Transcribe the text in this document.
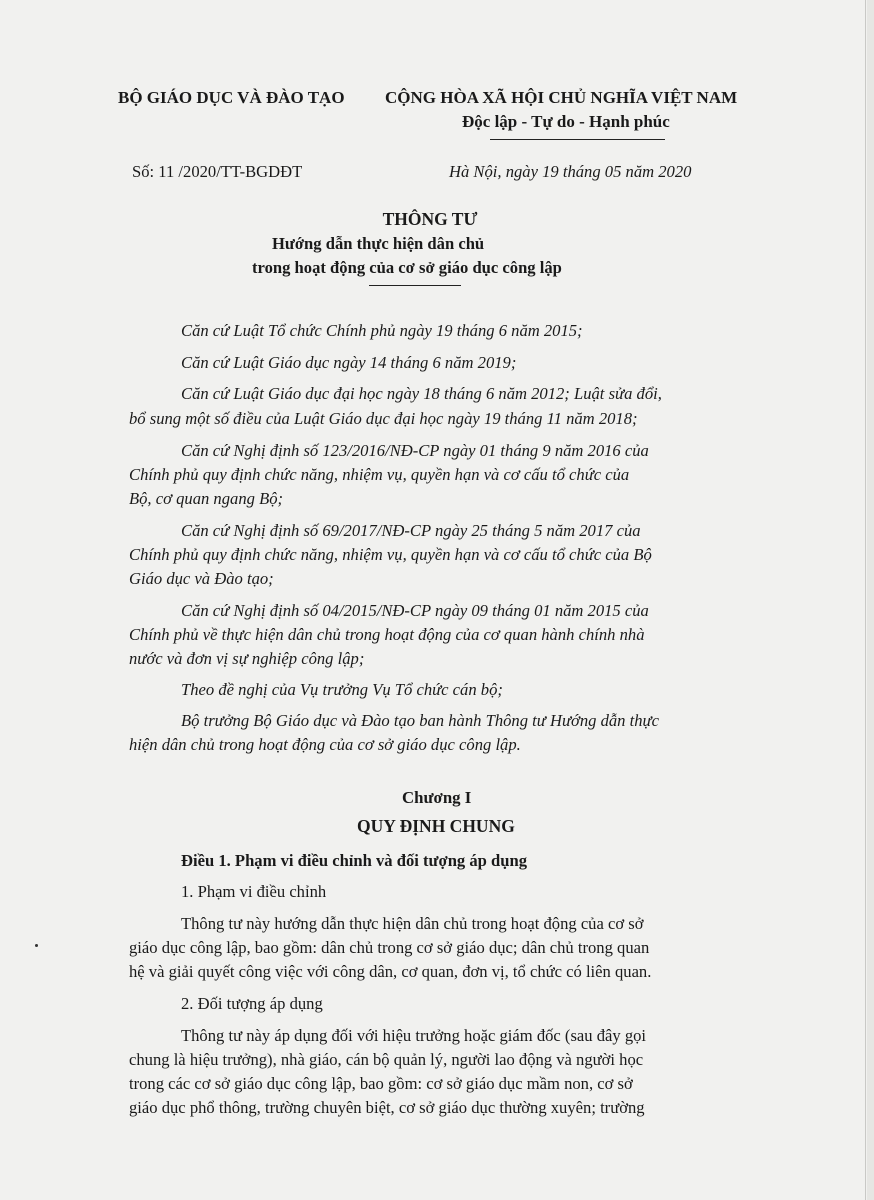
BỘ GIÁO DỤC VÀ ĐÀO TẠO CỘNG HÒA XÃ HỘI CHỦ NGHĨA VIỆT NAM
Độc lập - Tự do - Hạnh phúc
Số: 11 /2020/TT-BGDĐT	Hà Nội, ngày 19 tháng 05 năm 2020
THÔNG TƯ
Hướng dẫn thực hiện dân chủ
trong hoạt động của cơ sở giáo dục công lập
Căn cứ Luật Tổ chức Chính phủ ngày 19 tháng 6 năm 2015;
Căn cứ Luật Giáo dục ngày 14 tháng 6 năm 2019;
Căn cứ Luật Giáo dục đại học ngày 18 tháng 6 năm 2012; Luật sửa đổi,
bổ sung một số điều của Luật Giáo dục đại học ngày 19 tháng 11 năm 2018;
Căn cứ Nghị định số 123/2016/NĐ-CP ngày 01 tháng 9 năm 2016 của
Chính phủ quy định chức năng, nhiệm vụ, quyền hạn và cơ cấu tổ chức của
Bộ, cơ quan ngang Bộ;
Căn cứ Nghị định số 69/2017/NĐ-CP ngày 25 tháng 5 năm 2017 của
Chính phủ quy định chức năng, nhiệm vụ, quyền hạn và cơ cấu tổ chức của Bộ
Giáo dục và Đào tạo;
Căn cứ Nghị định số 04/2015/NĐ-CP ngày 09 tháng 01 năm 2015 của
Chính phủ về thực hiện dân chủ trong hoạt động của cơ quan hành chính nhà
nước và đơn vị sự nghiệp công lập;
Theo đề nghị của Vụ trưởng Vụ Tổ chức cán bộ;
Bộ trưởng Bộ Giáo dục và Đào tạo ban hành Thông tư Hướng dẫn thực
hiện dân chủ trong hoạt động của cơ sở giáo dục công lập.
Chương I
QUY ĐỊNH CHUNG
Điều 1. Phạm vi điều chỉnh và đối tượng áp dụng
1. Phạm vi điều chỉnh
Thông tư này hướng dẫn thực hiện dân chủ trong hoạt động của cơ sở
giáo dục công lập, bao gồm: dân chủ trong cơ sở giáo dục; dân chủ trong quan
hệ và giải quyết công việc với công dân, cơ quan, đơn vị, tổ chức có liên quan.
2. Đối tượng áp dụng
Thông tư này áp dụng đối với hiệu trưởng hoặc giám đốc (sau đây gọi
chung là hiệu trưởng), nhà giáo, cán bộ quản lý, người lao động và người học
trong các cơ sở giáo dục công lập, bao gồm: cơ sở giáo dục mầm non, cơ sở
giáo dục phổ thông, trường chuyên biệt, cơ sở giáo dục thường xuyên; trường
